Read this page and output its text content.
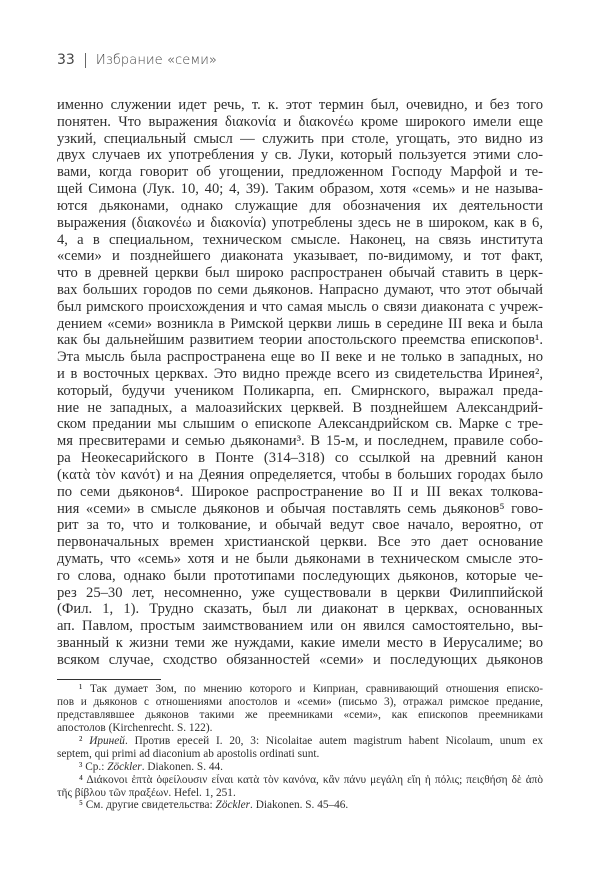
33 Избрание «семи»
именно служении идет речь, т. к. этот термин был, очевидно, и без того
понятен. Что выражения διακονία и διακονέω кроме широкого имели еще
узкий, специальный смысл — служить при столе, угощать, это видно из
двух случаев их употребления у св. Луки, который пользуется этими сло-
вами, когда говорит об угощении, предложенном Господу Марфой и те-
щей Симона (Лук. 10, 40; 4, 39). Таким образом, хотя «семь» и не называ-
ются дьяконами, однако служащие для обозначения их деятельности
выражения (διακονέω и διακονία) употреблены здесь не в широком, как в 6,
4, а в специальном, техническом смысле. Наконец, на связь института
«семи» и позднейшего диаконата указывает, по-видимому, и тот факт,
что в древней церкви был широко распространен обычай ставить в церк-
вах больших городов по семи дьяконов. Напрасно думают, что этот обычай
был римского происхождения и что самая мысль о связи диаконата с учреж-
дением «семи» возникла в Римской церкви лишь в середине III века и была
как бы дальнейшим развитием теории апостольского преемства епископов¹.
Эта мысль была распространена еще во II веке и не только в западных, но
и в восточных церквах. Это видно прежде всего из свидетельства Иринея²,
который, будучи учеником Поликарпа, еп. Смирнского, выражал преда-
ние не западных, а малоазийских церквей. В позднейшем Александрий-
ском предании мы слышим о епископе Александрийском св. Марке с тре-
мя пресвитерами и семью дьяконами³. В 15-м, и последнем, правиле собо-
ра Неокесарийского в Понте (314–318) со ссылкой на древний канон
(κατὰ τὸν κανότ) и на Деяния определяется, чтобы в больших городах было
по семи дьяконов⁴. Широкое распространение во II и III веках толкова-
ния «семи» в смысле дьяконов и обычая поставлять семь дьяконов⁵ гово-
рит за то, что и толкование, и обычай ведут свое начало, вероятно, от
первоначальных времен христианской церкви. Все это дает основание
думать, что «семь» хотя и не были дьяконами в техническом смысле это-
го слова, однако были прототипами последующих дьяконов, которые че-
рез 25–30 лет, несомненно, уже существовали в церкви Филиппийской
(Фил. 1, 1). Трудно сказать, был ли диаконат в церквах, основанных
ап. Павлом, простым заимствованием или он явился самостоятельно, вы-
званный к жизни теми же нуждами, какие имели место в Иерусалиме; во
всяком случае, сходство обязанностей «семи» и последующих дьяконов
¹ Так думает Зом, по мнению которого и Киприан, сравнивающий отношения еписко-
пов и дьяконов с отношениями апостолов и «семи» (письмо 3), отражал римское предание,
представлявшее дьяконов такими же преемниками «семи», как епископов преемниками
апостолов (Kirchenrecht. S. 122).
² Ириней. Против ересей I. 20, 3: Nicolaitae autem magistrum habent Nicolaum, unum ex
septem, qui primi ad diaconium ab apostolis ordinati sunt.
³ Ср.: Zöckler. Diakonen. S. 44.
⁴ Διάκονοι ἑπτὰ ὀφείλουσιν εἶναι κατὰ τὸν κανόνα, κἂν πάνυ μεγάλη εἴη ἡ πόλις; πειςθήση δὲ ἀπὸ
τῆς βίβλου τῶν πραξέων. Hefel. 1, 251.
⁵ См. другие свидетельства: Zöckler. Diakonen. S. 45–46.
